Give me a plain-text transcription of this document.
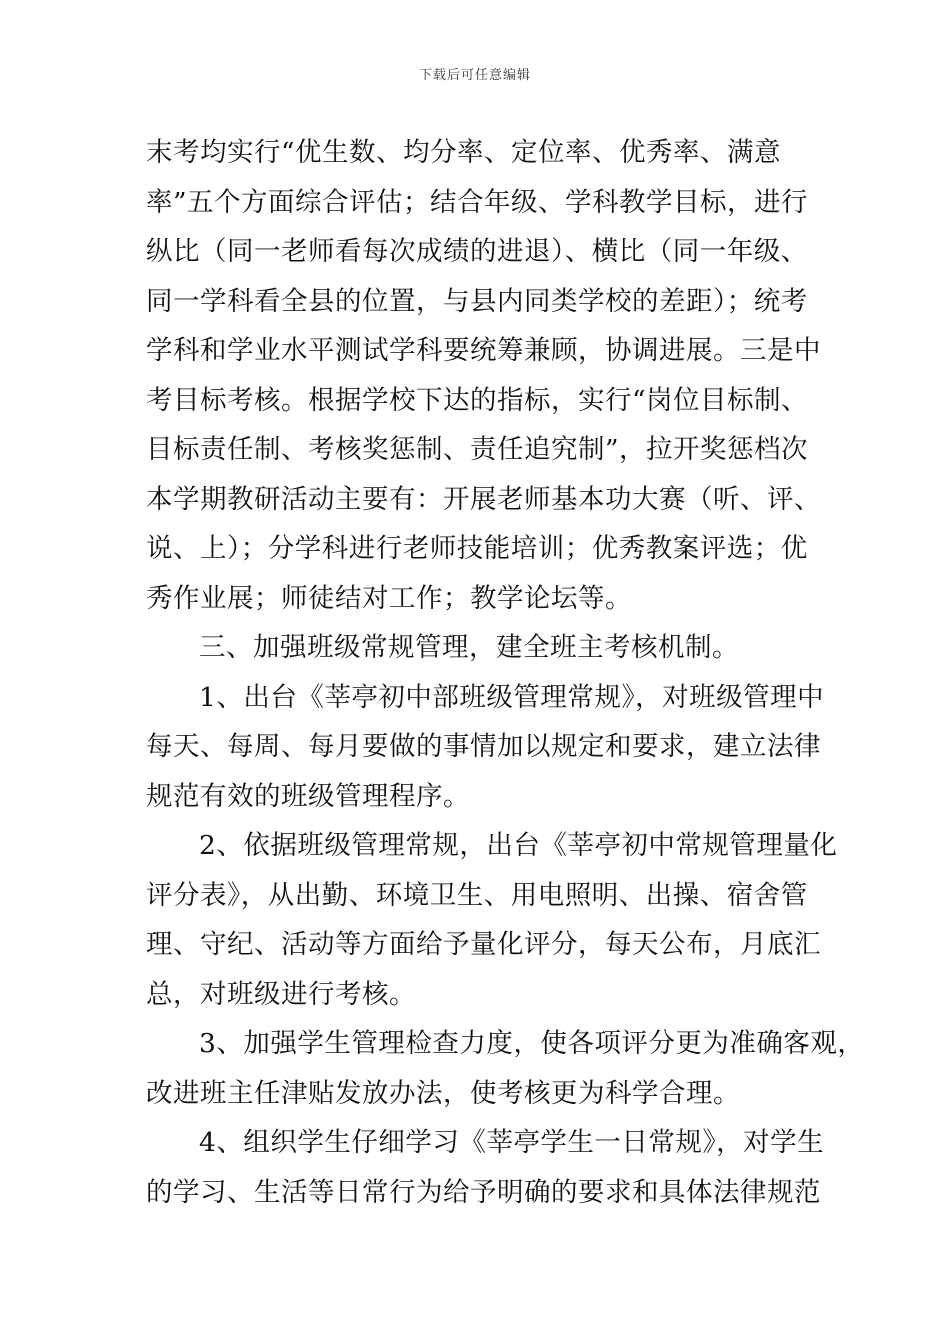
下载后可任意编辑
末考均实行“优生数、均分率、定位率、优秀率、满意
率”五个方面综合评估；结合年级、学科教学目标，进行
纵比（同一老师看每次成绩的进退）、横比（同一年级、
同一学科看全县的位置，与县内同类学校的差距）；统考
学科和学业水平测试学科要统筹兼顾，协调进展。三是中
考目标考核。根据学校下达的指标，实行“岗位目标制、
目标责任制、考核奖惩制、责任追究制”，拉开奖惩档次
本学期教研活动主要有：开展老师基本功大赛（听、评、
说、上）；分学科进行老师技能培训；优秀教案评选；优
秀作业展；师徒结对工作；教学论坛等。
三、加强班级常规管理，建全班主考核机制。
1、出台《莘亭初中部班级管理常规》，对班级管理中
每天、每周、每月要做的事情加以规定和要求，建立法律
规范有效的班级管理程序。
2、依据班级管理常规，出台《莘亭初中常规管理量化
评分表》，从出勤、环境卫生、用电照明、出操、宿舍管
理、守纪、活动等方面给予量化评分，每天公布，月底汇
总，对班级进行考核。
3、加强学生管理检查力度，使各项评分更为准确客观，
改进班主任津贴发放办法，使考核更为科学合理。
4、组织学生仔细学习《莘亭学生一日常规》，对学生
的学习、生活等日常行为给予明确的要求和具体法律规范
